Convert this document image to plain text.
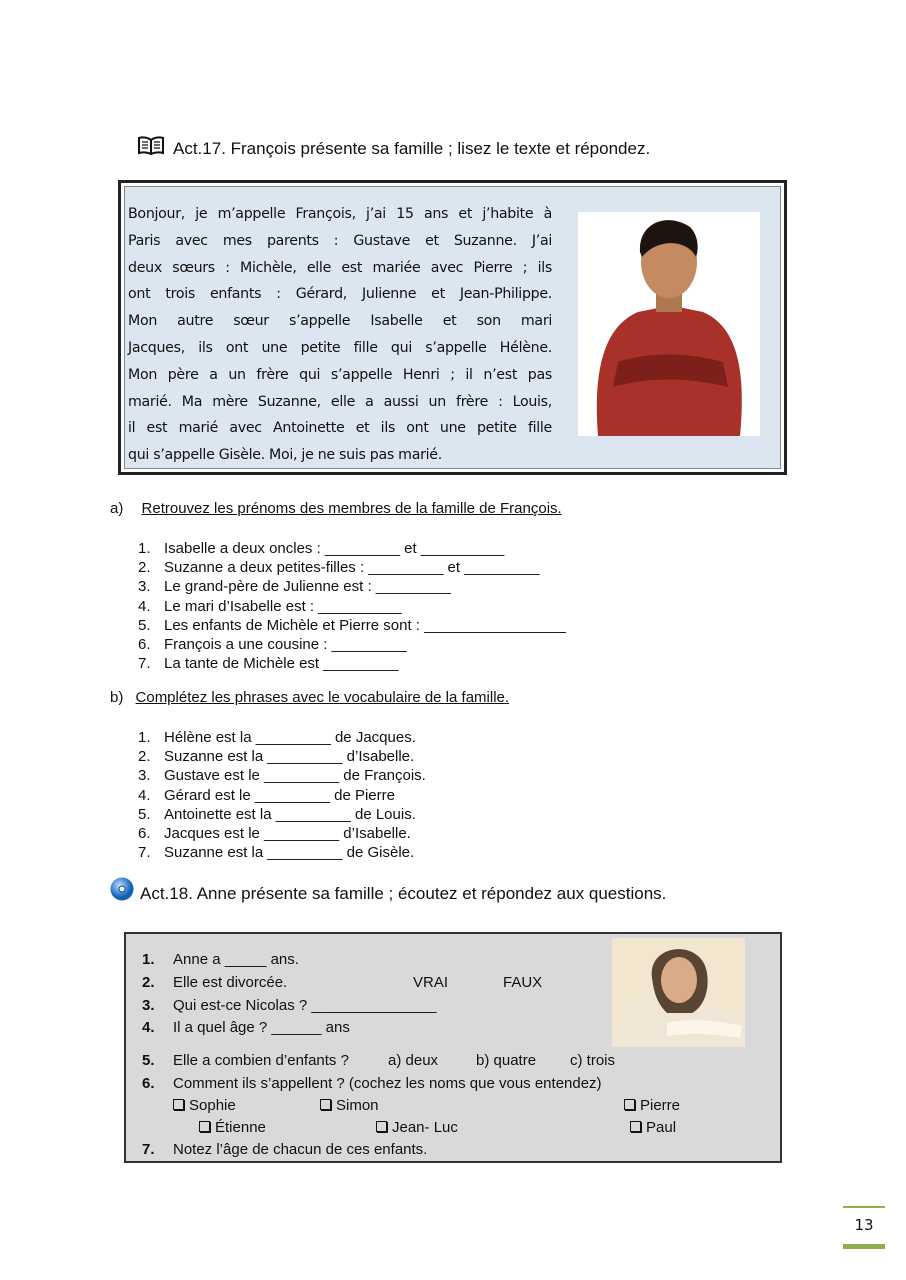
Act.17. François présente sa famille ; lisez le texte et répondez.
Bonjour, je m’appelle François, j’ai 15 ans et j’habite à
Paris avec mes parents : Gustave et Suzanne. J’ai
deux sœurs : Michèle, elle est mariée avec Pierre ; ils
ont trois enfants : Gérard, Julienne et Jean-Philippe.
Mon autre sœur s’appelle Isabelle et son mari
Jacques, ils ont une petite fille qui s’appelle Hélène.
Mon père a un frère qui s’appelle Henri ; il n’est pas
marié. Ma mère Suzanne, elle a aussi un frère : Louis,
il est marié avec Antoinette et ils ont une petite fille
qui s’appelle Gisèle. Moi, je ne suis pas marié.
a) Retrouvez les prénoms des membres de la famille de François.
1. Isabelle a deux oncles : _________ et __________
2. Suzanne a deux petites-filles : _________ et _________
3. Le grand-père de Julienne est : _________
4. Le mari d’Isabelle est : __________
5. Les enfants de Michèle et Pierre sont : _________________
6. François a une cousine : _________
7. La tante de Michèle est _________
b) Complétez les phrases avec le vocabulaire de la famille.
1. Hélène est la _________ de Jacques.
2. Suzanne est la _________ d’Isabelle.
3. Gustave est le _________ de François.
4. Gérard est le _________ de Pierre
5. Antoinette est la _________ de Louis.
6. Jacques est le _________ d’Isabelle.
7. Suzanne est la _________ de Gisèle.
Act.18. Anne présente sa famille ; écoutez et répondez aux questions.
1. Anne a _____ ans.
2. Elle est divorcée.	VRAI	FAUX
3. Qui est-ce Nicolas ? _______________
4. Il a quel âge ? ______ ans
5. Elle a combien d’enfants ?	a) deux	b) quatre c) trois
6. Comment ils s’appellent ? (cochez les noms que vous entendez)
Sophie	Simon	Pierre
Étienne	Jean- Luc	Paul
7. Notez l’âge de chacun de ces enfants.
13
